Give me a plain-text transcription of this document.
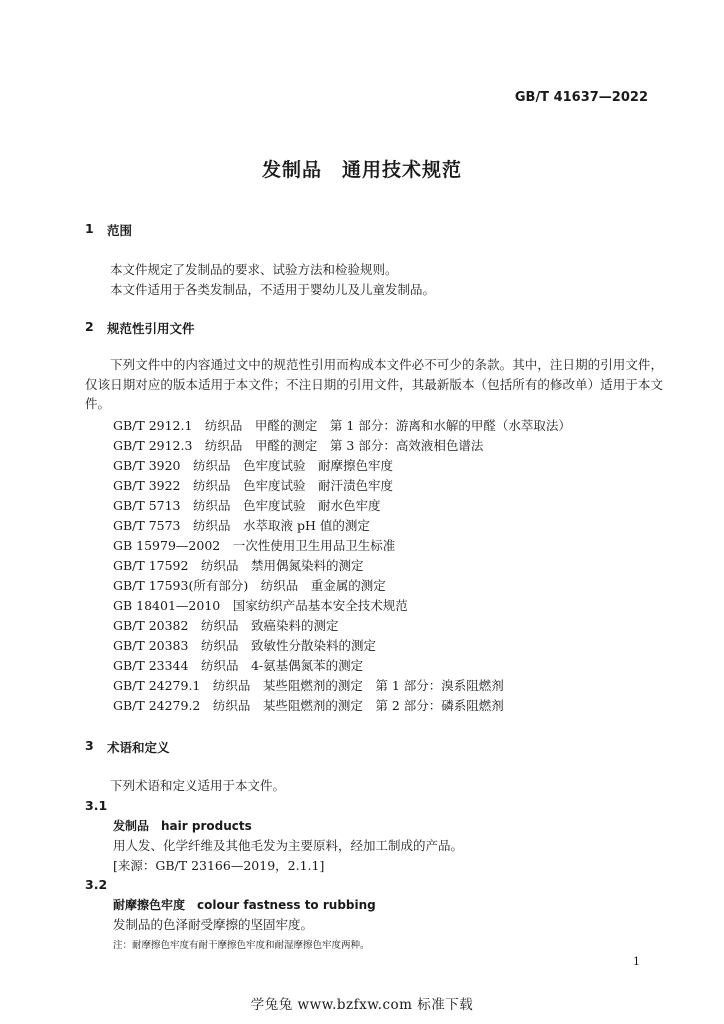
GB/T 41637—2022
发制品　通用技术规范
1 范围
本文件规定了发制品的要求、试验方法和检验规则。
本文件适用于各类发制品，不适用于婴幼儿及儿童发制品。
2 规范性引用文件
下列文件中的内容通过文中的规范性引用而构成本文件必不可少的条款。其中，注日期的引用文件，仅该日期对应的版本适用于本文件；不注日期的引用文件，其最新版本（包括所有的修改单）适用于本文件。
GB/T 2912.1　纺织品　甲醛的测定　第 1 部分：游离和水解的甲醛（水萃取法）
GB/T 2912.3　纺织品　甲醛的测定　第 3 部分：高效液相色谱法
GB/T 3920　纺织品　色牢度试验　耐摩擦色牢度
GB/T 3922　纺织品　色牢度试验　耐汗渍色牢度
GB/T 5713　纺织品　色牢度试验　耐水色牢度
GB/T 7573　纺织品　水萃取液 pH 值的测定
GB 15979—2002　一次性使用卫生用品卫生标准
GB/T 17592　纺织品　禁用偶氮染料的测定
GB/T 17593(所有部分)　纺织品　重金属的测定
GB 18401—2010　国家纺织产品基本安全技术规范
GB/T 20382　纺织品　致癌染料的测定
GB/T 20383　纺织品　致敏性分散染料的测定
GB/T 23344　纺织品　4-氨基偶氮苯的测定
GB/T 24279.1　纺织品　某些阻燃剂的测定　第 1 部分：溴系阻燃剂
GB/T 24279.2　纺织品　某些阻燃剂的测定　第 2 部分：磷系阻燃剂
3 术语和定义
下列术语和定义适用于本文件。
3.1
发制品　hair products
用人发、化学纤维及其他毛发为主要原料，经加工制成的产品。
[来源：GB/T 23166—2019，2.1.1]
3.2
耐摩擦色牢度　colour fastness to rubbing
发制品的色泽耐受摩擦的坚固牢度。
注：耐摩擦色牢度有耐干摩擦色牢度和耐湿摩擦色牢度两种。
1
学兔兔 www.bzfxw.com 标准下载
